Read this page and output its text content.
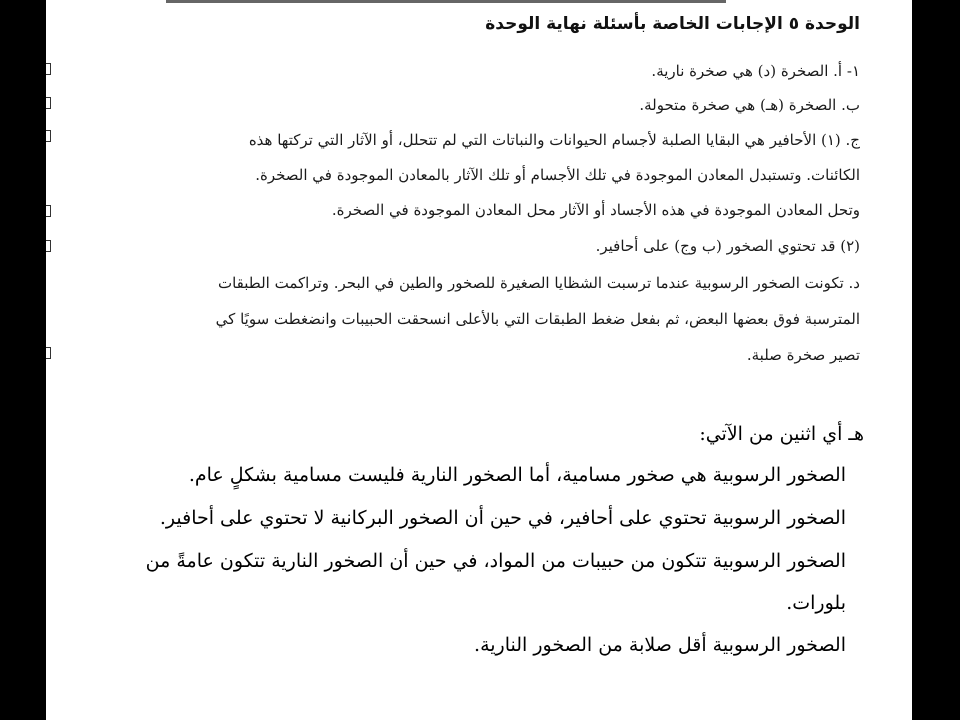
الوحدة ٥ الإجابات الخاصة بأسئلة نهاية الوحدة
١- أ. الصخرة (د) هي صخرة نارية.
ب. الصخرة (هـ) هي صخرة متحولة.
ج. (١) الأحافير هي البقايا الصلبة لأجسام الحيوانات والنباتات التي لم تتحلل، أو الآثار التي تركتها هذه
الكائنات. وتستبدل المعادن الموجودة في تلك الأجسام أو تلك الآثار بالمعادن الموجودة في الصخرة.
وتحل المعادن الموجودة في هذه الأجساد أو الآثار محل المعادن الموجودة في الصخرة.
(٢) قد تحتوي الصخور (ب وج) على أحافير.
د. تكونت الصخور الرسوبية عندما ترسبت الشظايا الصغيرة للصخور والطين في البحر. وتراكمت الطبقات
المترسبة فوق بعضها البعض، ثم بفعل ضغط الطبقات التي بالأعلى انسحقت الحبيبات وانضغطت سويًا كي
تصير صخرة صلبة.
هـ أي اثنين من الآتي:
الصخور الرسوبية هي صخور مسامية، أما الصخور النارية فليست مسامية بشكلٍ عام.
الصخور الرسوبية تحتوي على أحافير، في حين أن الصخور البركانية لا تحتوي على أحافير.
الصخور الرسوبية تتكون من حبيبات من المواد، في حين أن الصخور النارية تتكون عامةً من
بلورات.
الصخور الرسوبية أقل صلابة من الصخور النارية.
